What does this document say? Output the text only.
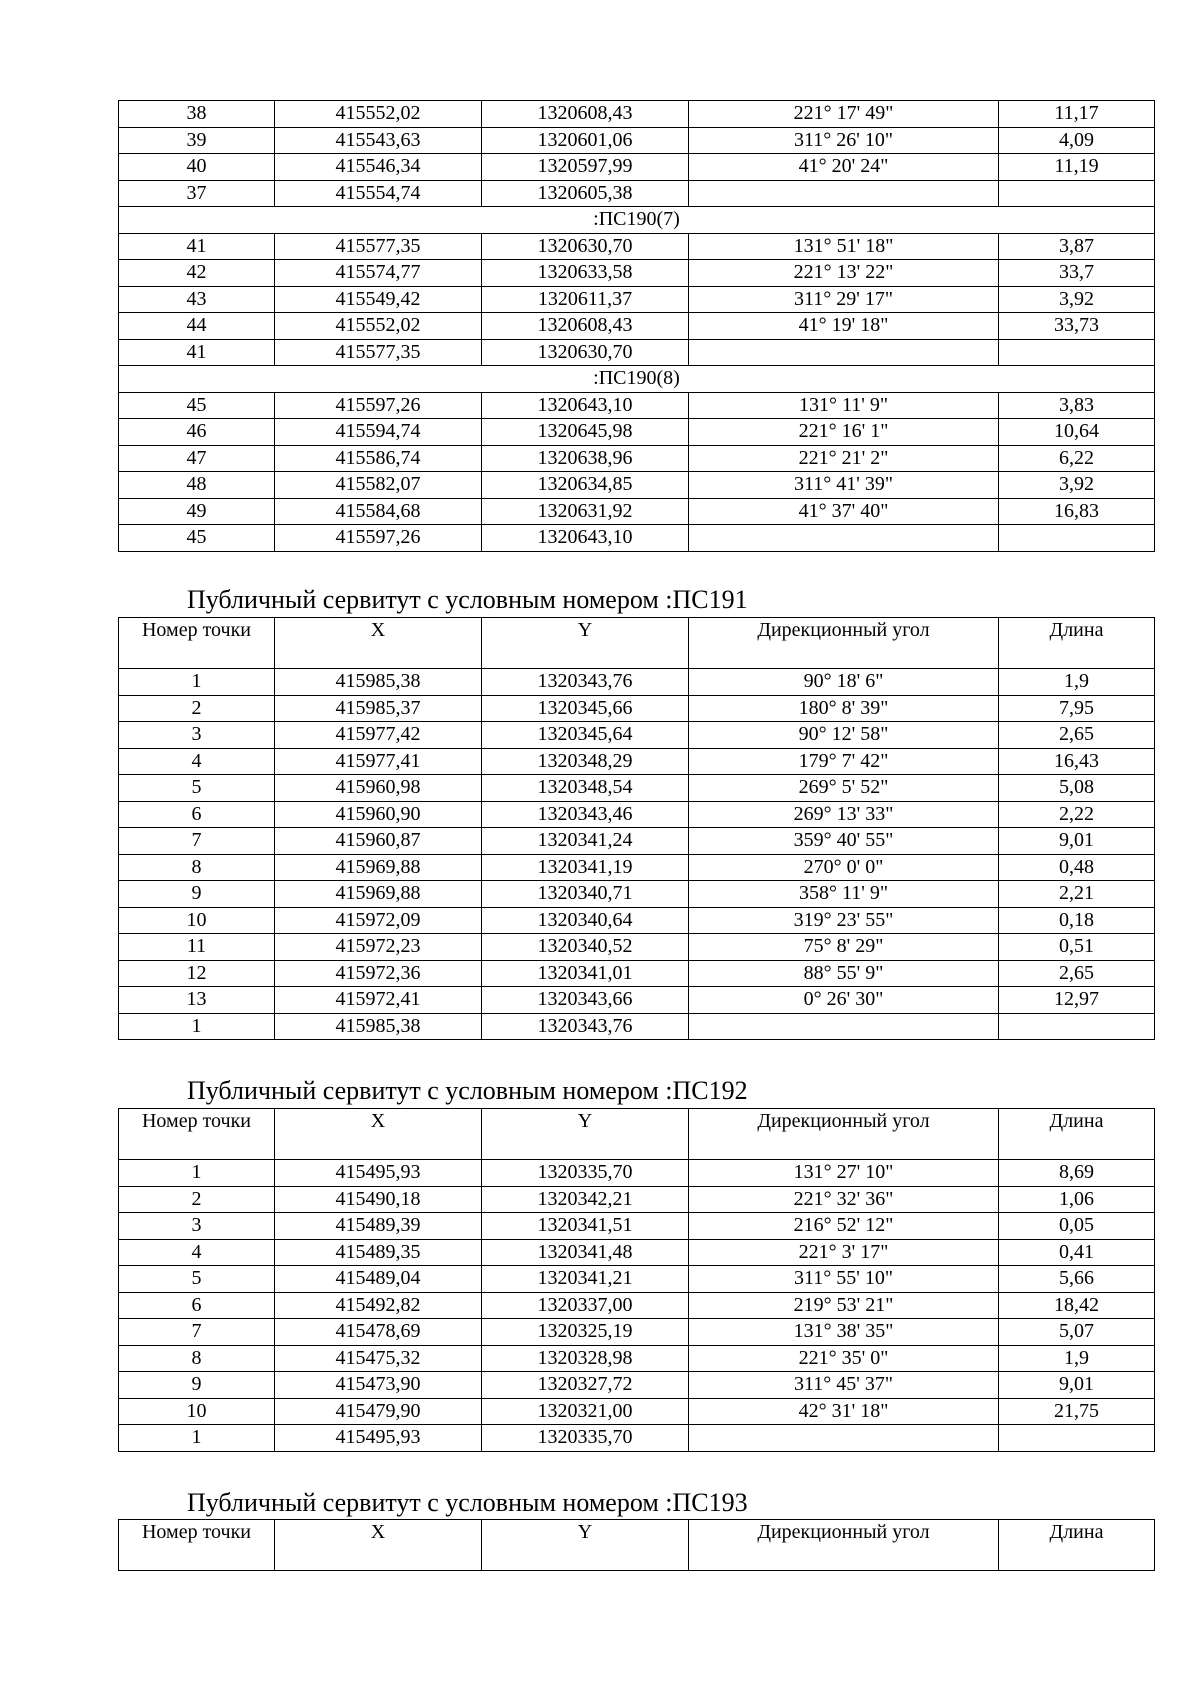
38	415552,02	1320608,43	221° 17' 49"	11,17
39	415543,63	1320601,06	311° 26' 10"	4,09
40	415546,34	1320597,99	41° 20' 24"	11,19
37	415554,74	1320605,38		
:ПС190(7)				
41	415577,35	1320630,70	131° 51' 18"	3,87
42	415574,77	1320633,58	221° 13' 22"	33,7
43	415549,42	1320611,37	311° 29' 17"	3,92
44	415552,02	1320608,43	41° 19' 18"	33,73
41	415577,35	1320630,70		
:ПС190(8)				
45	415597,26	1320643,10	131° 11' 9"	3,83
46	415594,74	1320645,98	221° 16' 1"	10,64
47	415586,74	1320638,96	221° 21' 2"	6,22
48	415582,07	1320634,85	311° 41' 39"	3,92
49	415584,68	1320631,92	41° 37' 40"	16,83
45	415597,26	1320643,10		
Публичный сервитут с условным номером :ПС191
Номер точки	X	Y	Дирекционный угол	Длина
1	415985,38	1320343,76	90° 18' 6"	1,9
2	415985,37	1320345,66	180° 8' 39"	7,95
3	415977,42	1320345,64	90° 12' 58"	2,65
4	415977,41	1320348,29	179° 7' 42"	16,43
5	415960,98	1320348,54	269° 5' 52"	5,08
6	415960,90	1320343,46	269° 13' 33"	2,22
7	415960,87	1320341,24	359° 40' 55"	9,01
8	415969,88	1320341,19	270° 0' 0"	0,48
9	415969,88	1320340,71	358° 11' 9"	2,21
10	415972,09	1320340,64	319° 23' 55"	0,18
11	415972,23	1320340,52	75° 8' 29"	0,51
12	415972,36	1320341,01	88° 55' 9"	2,65
13	415972,41	1320343,66	0° 26' 30"	12,97
1	415985,38	1320343,76		
Публичный сервитут с условным номером :ПС192
Номер точки	X	Y	Дирекционный угол	Длина
1	415495,93	1320335,70	131° 27' 10"	8,69
2	415490,18	1320342,21	221° 32' 36"	1,06
3	415489,39	1320341,51	216° 52' 12"	0,05
4	415489,35	1320341,48	221° 3' 17"	0,41
5	415489,04	1320341,21	311° 55' 10"	5,66
6	415492,82	1320337,00	219° 53' 21"	18,42
7	415478,69	1320325,19	131° 38' 35"	5,07
8	415475,32	1320328,98	221° 35' 0"	1,9
9	415473,90	1320327,72	311° 45' 37"	9,01
10	415479,90	1320321,00	42° 31' 18"	21,75
1	415495,93	1320335,70		
Публичный сервитут с условным номером :ПС193
Номер точки	X	Y	Дирекционный угол	Длина
